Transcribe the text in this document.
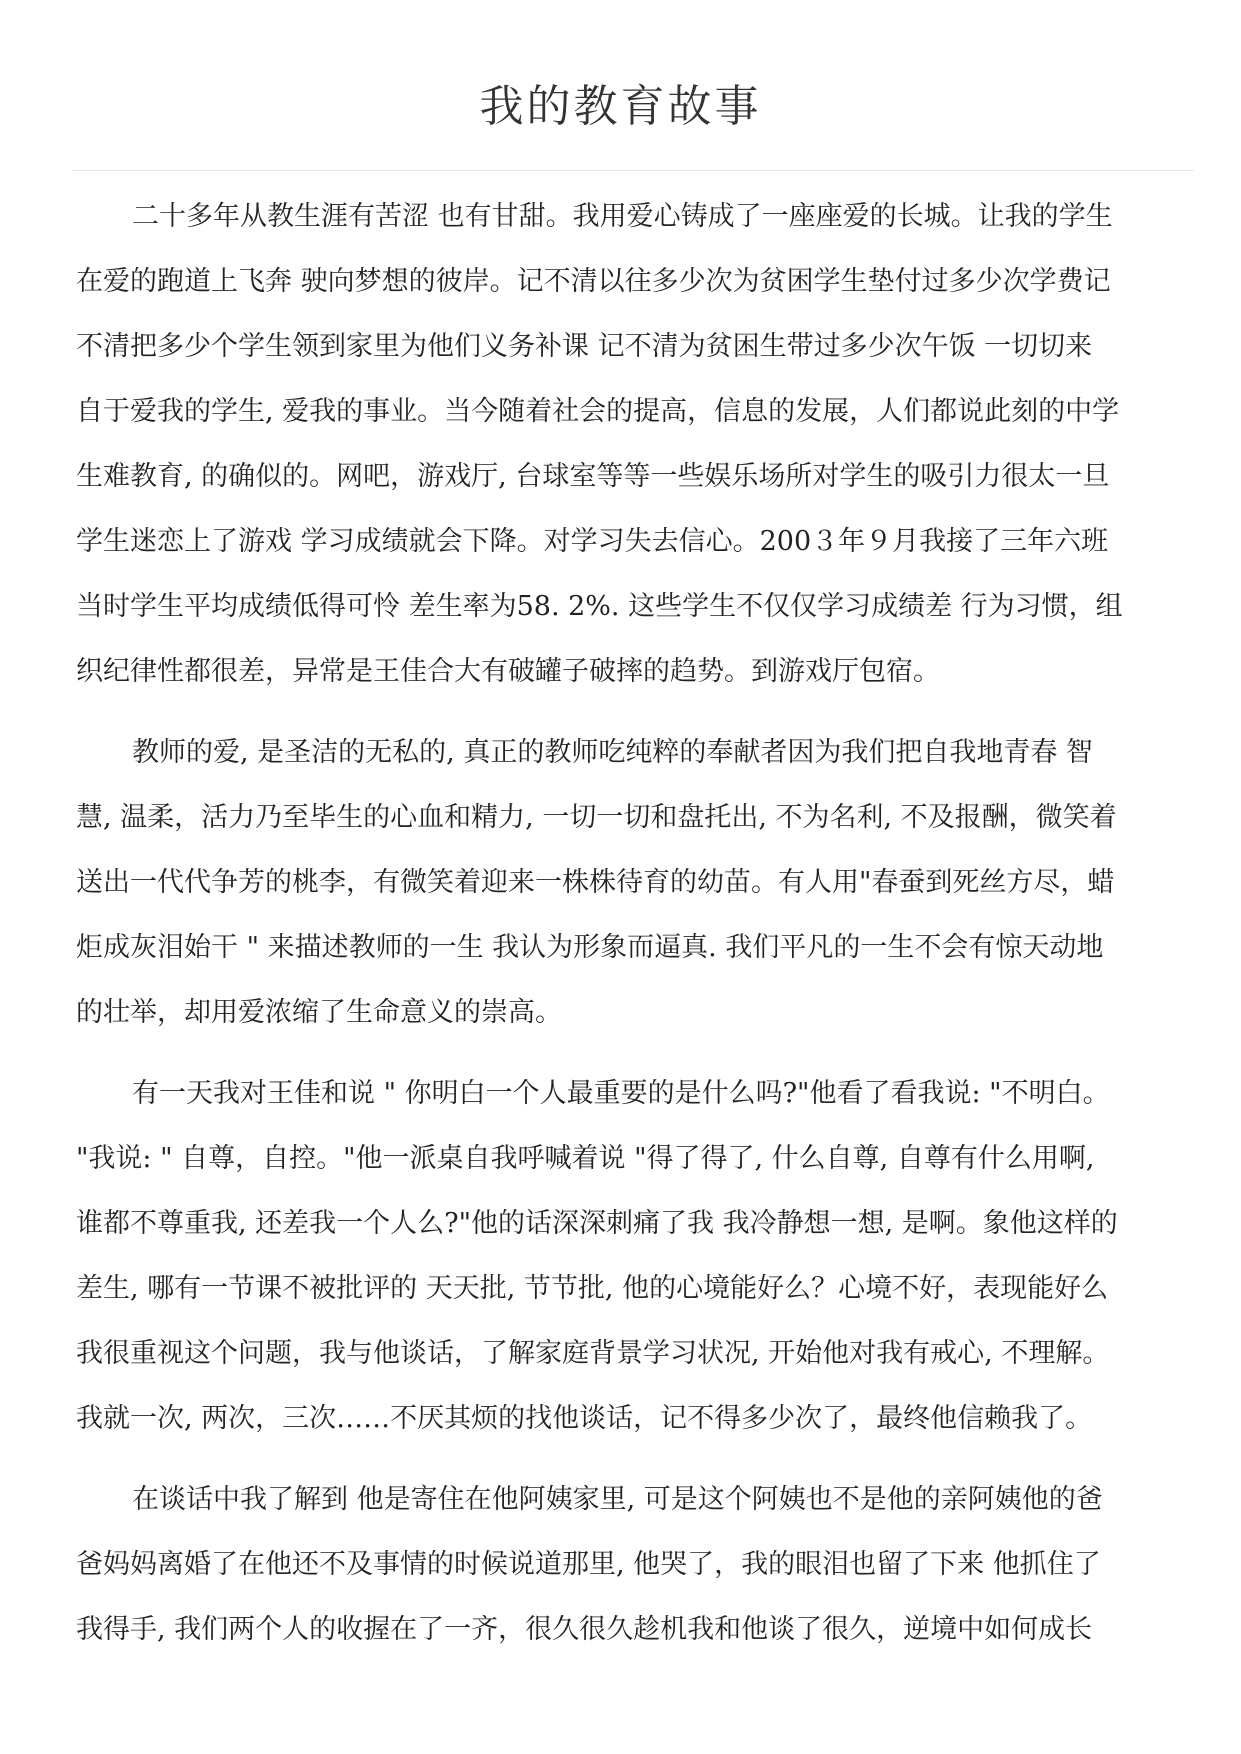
我的教育故事
二十多年从教生涯有苦涩 也有甘甜。我用爱心铸成了一座座爱的长城。让我的学生
在爱的跑道上飞奔 驶向梦想的彼岸。记不清以往多少次为贫困学生垫付过多少次学费记
不清把多少个学生领到家里为他们义务补课 记不清为贫困生带过多少次午饭 一切切来
自于爱我的学生, 爱我的事业。当今随着社会的提高，信息的发展，人们都说此刻的中学
生难教育, 的确似的。网吧，游戏厅, 台球室等等一些娱乐场所对学生的吸引力很太一旦
学生迷恋上了游戏 学习成绩就会下降。对学习失去信心。200３年９月我接了三年六班
当时学生平均成绩低得可怜 差生率为58. 2%. 这些学生不仅仅学习成绩差 行为习惯，组
织纪律性都很差，异常是王佳合大有破罐子破摔的趋势。到游戏厅包宿。
教师的爱, 是圣洁的无私的, 真正的教师吃纯粹的奉献者因为我们把自我地青春 智
慧, 温柔，活力乃至毕生的心血和精力, 一切一切和盘托出, 不为名利, 不及报酬，微笑着
送出一代代争芳的桃李，有微笑着迎来一株株待育的幼苗。有人用"春蚕到死丝方尽，蜡
炬成灰泪始干 " 来描述教师的一生 我认为形象而逼真. 我们平凡的一生不会有惊天动地
的壮举，却用爱浓缩了生命意义的崇高。
有一天我对王佳和说 " 你明白一个人最重要的是什么吗?"他看了看我说: "不明白。
"我说: " 自尊，自控。"他一派桌自我呼喊着说 "得了得了, 什么自尊, 自尊有什么用啊,
谁都不尊重我, 还差我一个人么?"他的话深深刺痛了我 我冷静想一想, 是啊。象他这样的
差生, 哪有一节课不被批评的 天天批, 节节批, 他的心境能好么？心境不好，表现能好么
我很重视这个问题，我与他谈话，了解家庭背景学习状况, 开始他对我有戒心, 不理解。
我就一次, 两次，三次……不厌其烦的找他谈话，记不得多少次了，最终他信赖我了。
在谈话中我了解到 他是寄住在他阿姨家里, 可是这个阿姨也不是他的亲阿姨他的爸
爸妈妈离婚了在他还不及事情的时候说道那里, 他哭了，我的眼泪也留了下来 他抓住了
我得手, 我们两个人的收握在了一齐，很久很久趁机我和他谈了很久，逆境中如何成长
